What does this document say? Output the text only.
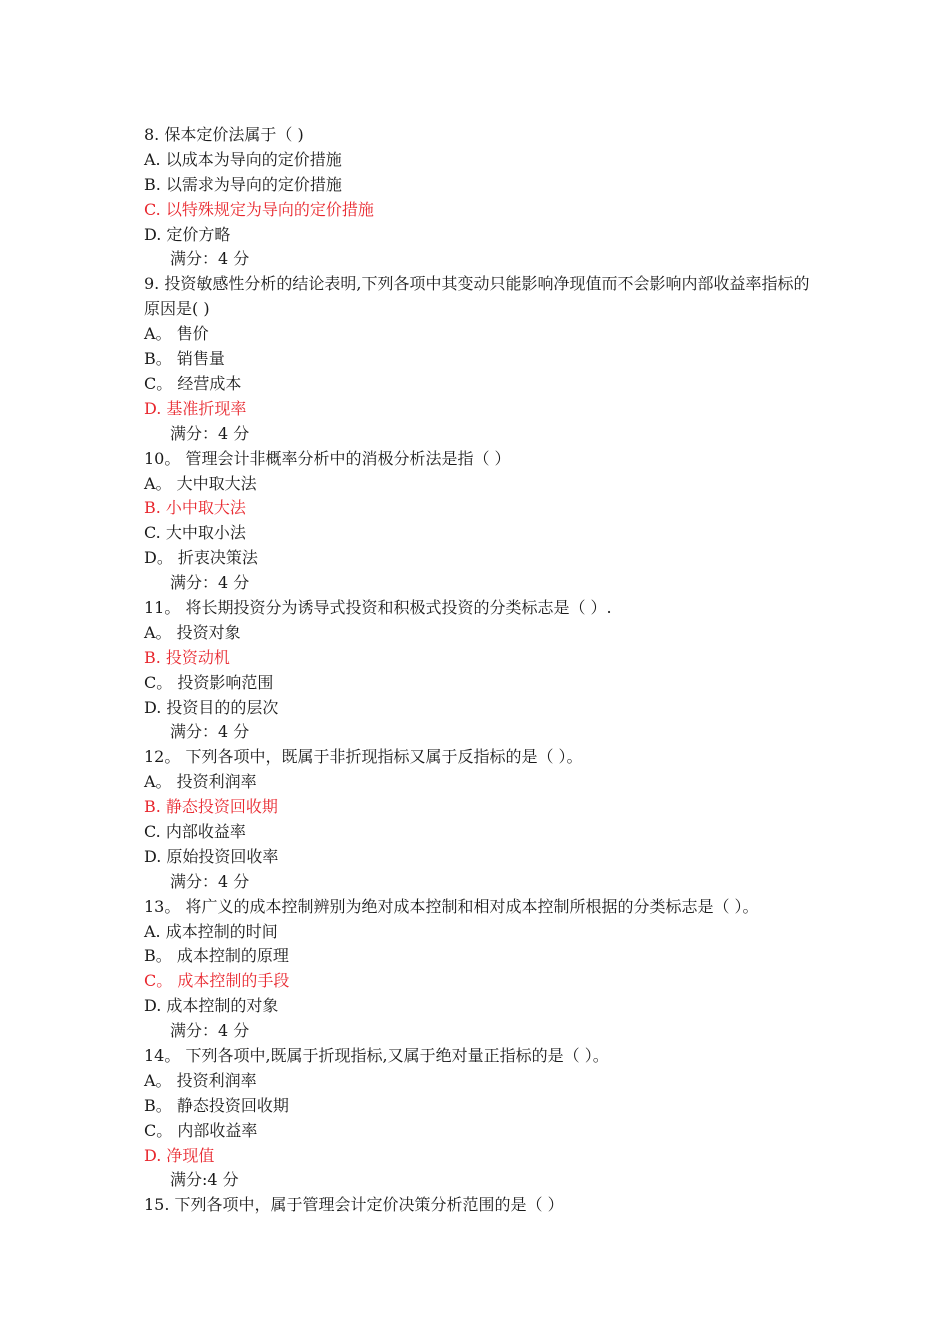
8. 保本定价法属于（ )
A. 以成本为导向的定价措施
B. 以需求为导向的定价措施
C. 以特殊规定为导向的定价措施
D. 定价方略
满分：4 分
9. 投资敏感性分析的结论表明,下列各项中其变动只能影响净现值而不会影响内部收益率指标的原因是( )
A。 售价
B。 销售量
C。 经营成本
D. 基准折现率
满分：4 分
10。 管理会计非概率分析中的消极分析法是指（ ）
A。 大中取大法
B. 小中取大法
C. 大中取小法
D。 折衷决策法
满分：4 分
11。 将长期投资分为诱导式投资和积极式投资的分类标志是（ ）.
A。 投资对象
B. 投资动机
C。 投资影响范围
D. 投资目的的层次
满分：4 分
12。 下列各项中，既属于非折现指标又属于反指标的是（ ）。
A。 投资利润率
B. 静态投资回收期
C. 内部收益率
D. 原始投资回收率
满分：4 分
13。 将广义的成本控制辨别为绝对成本控制和相对成本控制所根据的分类标志是（ ）。
A. 成本控制的时间
B。 成本控制的原理
C。 成本控制的手段
D. 成本控制的对象
满分：4 分
14。 下列各项中,既属于折现指标,又属于绝对量正指标的是（ ）。
A。 投资利润率
B。 静态投资回收期
C。 内部收益率
D. 净现值
满分:4 分
15. 下列各项中，属于管理会计定价决策分析范围的是（ ）
